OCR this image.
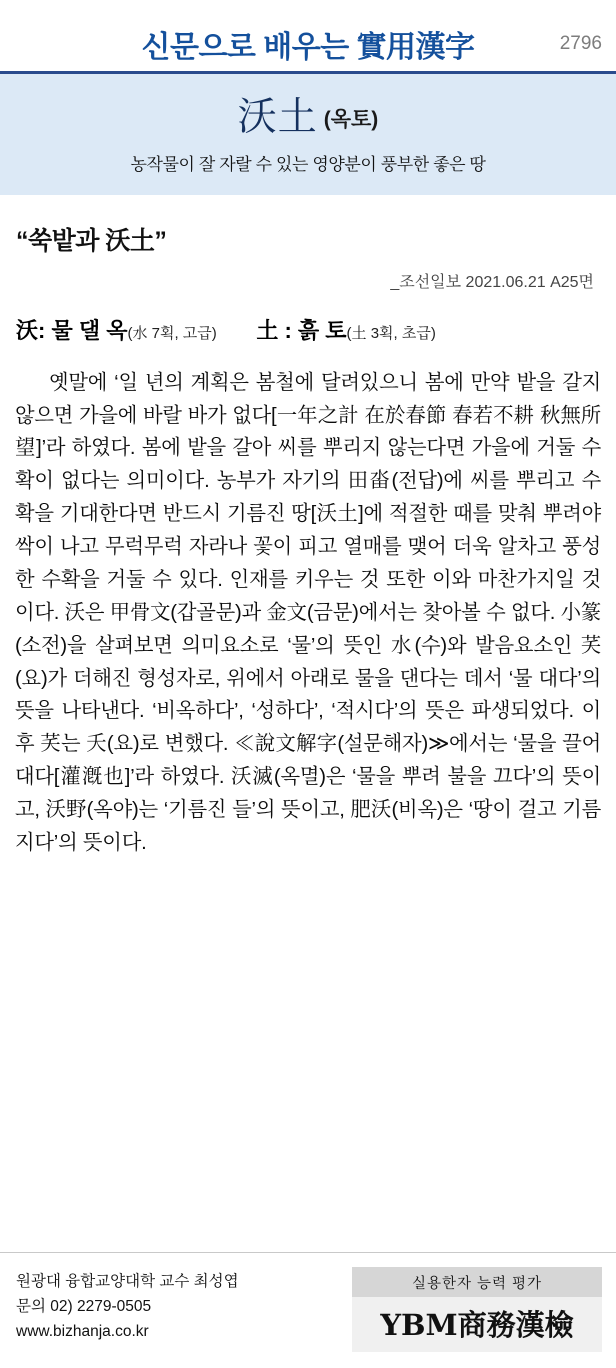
신문으로 배우는 實用漢字	2796
沃土 (옥토)
농작물이 잘 자랄 수 있는 영양분이 풍부한 좋은 땅
“쑥밭과 沃土”
_조선일보 2021.06.21 A25면
沃: 물 댈 옥(水 7획, 고급) 土 : 흙 토(土 3획, 초급)
옛말에 ‘일 년의 계획은 봄철에 달려있으니 봄에 만약 밭을 갈지 않으면 가을에 바랄 바가 없다[一年之計 在於春節 春若不耕 秋無所望]’라 하였다. 봄에 밭을 갈아 씨를 뿌리지 않는다면 가을에 거둘 수확이 없다는 의미이다. 농부가 자기의 田畓(전답)에 씨를 뿌리고 수확을 기대한다면 반드시 기름진 땅[沃土]에 적절한 때를 맞춰 뿌려야 싹이 나고 무럭무럭 자라나 꽃이 피고 열매를 맺어 더욱 알차고 풍성한 수확을 거둘 수 있다. 인재를 키우는 것 또한 이와 마찬가지일 것이다. 沃은 甲骨文(갑골문)과 金文(금문)에서는 찾아볼 수 없다. 小篆(소전)을 살펴보면 의미요소로 ‘물’의 뜻인 水(수)와 발음요소인 芺(요)가 더해진 형성자로, 위에서 아래로 물을 댄다는 데서 ‘물 대다’의 뜻을 나타낸다. ‘비옥하다’, ‘성하다’, ‘적시다’의 뜻은 파생되었다. 이후 芺는 夭(요)로 변했다. ≪說文解字(설문해자)≫에서는 ‘물을 끌어대다[灌漑也]’라 하였다. 沃滅(옥멸)은 ‘물을 뿌려 불을 끄다’의 뜻이고, 沃野(옥야)는 ‘기름진 들’의 뜻이고, 肥沃(비옥)은 ‘땅이 걸고 기름지다’의 뜻이다.
원광대 융합교양대학 교수 최성엽
문의 02) 2279-0505
www.bizhanja.co.kr
실용한자 능력 평가
YBM商務漢檢
